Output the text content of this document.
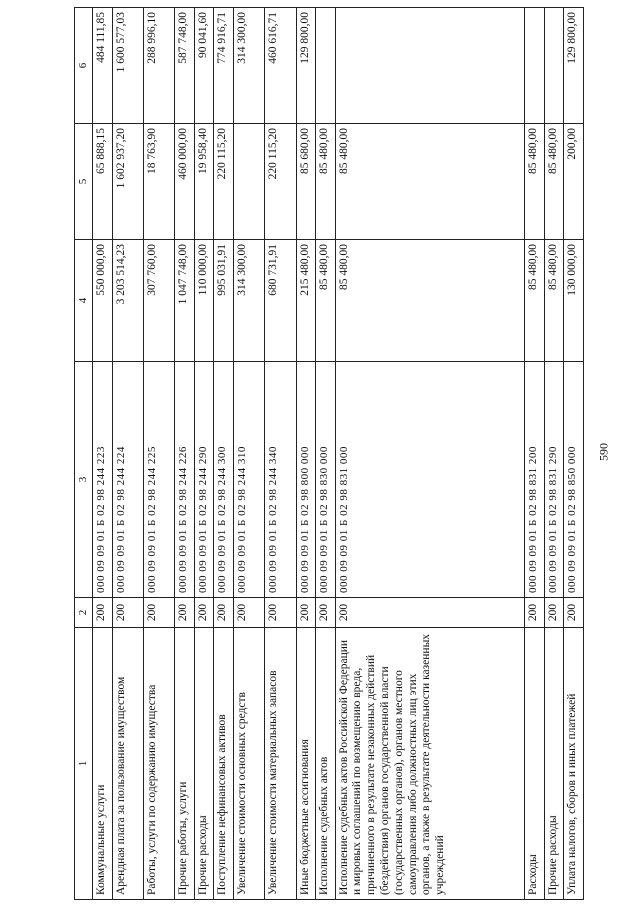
590
1	2	3	4	5	6
Коммунальные услуги	200	000 09 09 01 Б 02 98 244 223	550 000,00	65 888,15	484 111,85
Арендная плата за пользование имуществом	200	000 09 09 01 Б 02 98 244 224	3 203 514,23	1 602 937,20	1 600 577,03
Работы, услуги по содержанию имущества	200	000 09 09 01 Б 02 98 244 225	307 760,00	18 763,90	288 996,10
Прочие работы, услуги	200	000 09 09 01 Б 02 98 244 226	1 047 748,00	460 000,00	587 748,00
Прочие расходы	200	000 09 09 01 Б 02 98 244 290	110 000,00	19 958,40	90 041,60
Поступление нефинансовых активов	200	000 09 09 01 Б 02 98 244 300	995 031,91	220 115,20	774 916,71
Увеличение стоимости основных средств	200	000 09 09 01 Б 02 98 244 310	314 300,00		314 300,00
Увеличение стоимости материальных запасов	200	000 09 09 01 Б 02 98 244 340	680 731,91	220 115,20	460 616,71
Иные бюджетные ассигнования	200	000 09 09 01 Б 02 98 800 000	215 480,00	85 680,00	129 800,00
Исполнение судебных актов	200	000 09 09 01 Б 02 98 830 000	85 480,00	85 480,00	
Исполнение судебных актов Российской Федерации и мировых соглашений по возмещению вреда, причиненного в результате незаконных действий (бездействия) органов государственной власти (государственных органов), органов местного самоуправления либо должностных лиц этих органов, а также в результате деятельности казенных учреждений	200	000 09 09 01 Б 02 98 831 000	85 480,00	85 480,00	
Расходы	200	000 09 09 01 Б 02 98 831 200	85 480,00	85 480,00	
Прочие расходы	200	000 09 09 01 Б 02 98 831 290	85 480,00	85 480,00	
Уплата налогов, сборов и иных платежей	200	000 09 09 01 Б 02 98 850 000	130 000,00	200,00	129 800,00
